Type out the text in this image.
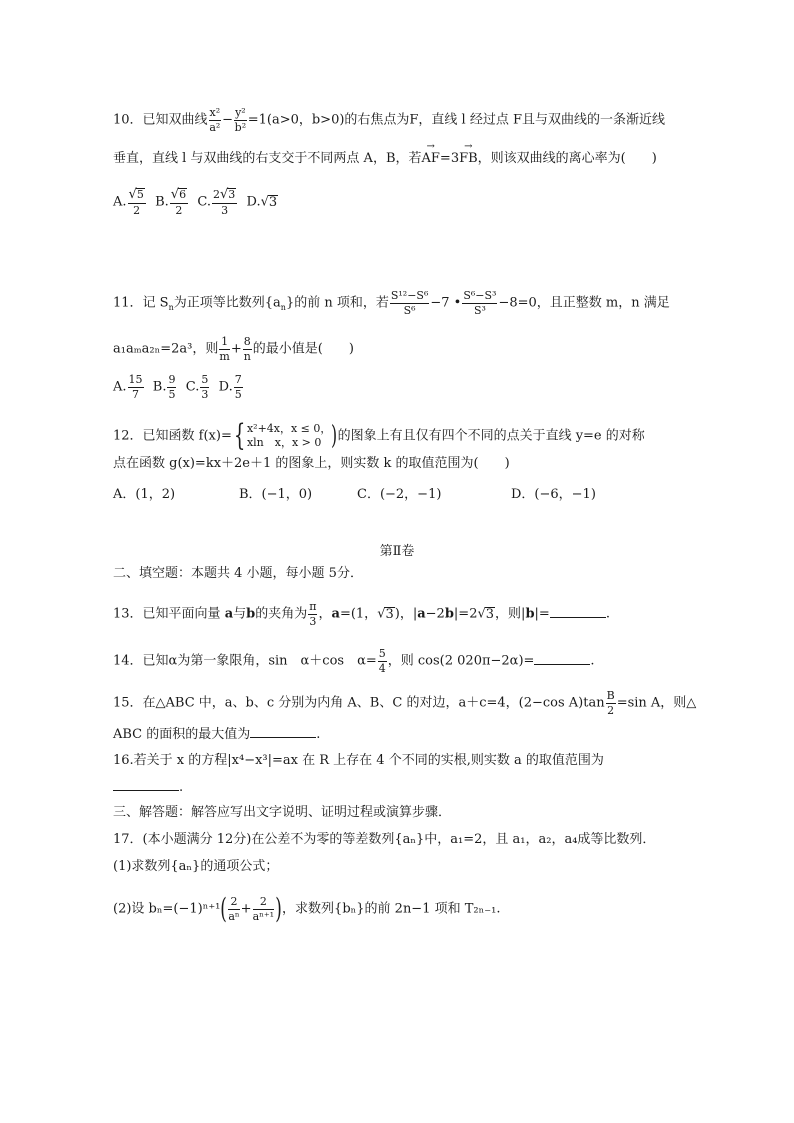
10．已知双曲线 $\frac{\text{x²}}{\text{a²}} - \frac{\text{y²}}{\text{b²}} =1(a>0$，b>0)的右焦点为F，直线 l 经过点 F且与双曲线的一条渐近线
垂直，直线 l 与双曲线的右支交于不同两点 A，B，若→ AF=3→ FB，则该双曲线的离心率为(　　)
A. $\frac{√5}{2} B$. $\frac{√6}{2} C$. $\frac{2√3}{3} D.√3$
11．记 $S_n$为正项等比数列$\{a_n\}$的前 n 项和，若 $\frac{\text{S¹²−S⁶}}{\text{S⁶}} -7$ • $\frac{\text{S⁶−S³}}{\text{S³}} -8=0$，且正整数 m，n 满足
a₁aₘa₂ₙ=2a³，则 $\frac{1}{m} + \frac{8}{n}$ 的最小值是(　　)
A. $\frac{15}{7} B$. $\frac{9}{5} C$. $\frac{5}{3} D$. $\frac{7}{5}$
12．已知函数 f(x)={ x²+4x，x ≤ 0，
xln　x，x > 0 )的图象上有且仅有四个不同的点关于直线 y=e 的对称
点在函数 g(x)=kx＋2e＋1 的图象上，则实数 k 的取值范围为(　　)
A．(1，2)	B．(−1，0)	C．(−2，−1)	D．(−6，−1)
第Ⅱ卷
二、填空题：本题共 4 小题，每小题 5分．
13．已知平面向量 a与b的夹角为 $\frac{\pi}{3}$ ，a=(1，√3)，|a−2b|=2√3，则|b|=	.
14．已知α为第一象限角，sin　α＋cos　$\alpha= \frac{5}{4}$ ，则 cos(2 020π−2α)=	.
15．在△ABC 中，a、b、c 分别为内角 A、B、C 的对边，a＋c=4，(2−cos $A)\tan \frac{B}{2} =\sin$ A，则△
ABC 的面积的最大值为	.
16.若关于 x 的方程|x⁴−x³|=ax 在 R 上存在 4 个不同的实根,则实数 a 的取值范围为
.
三、解答题：解答应写出文字说明、证明过程或演算步骤．
17．(本小题满分 12分)在公差不为零的等差数列{aₙ}中，a₁=2，且 a₁，a₂，a₄成等比数列．
(1)求数列{aₙ}的通项公式；
(2)设 $b_n=(-1)^{n+1}( \frac{2}{\text{aⁿ}} + \frac{2}{\text{aⁿ⁺¹}}$ )，求数列{bₙ}的前 2n−1 项和 T₂ₙ₋₁.
